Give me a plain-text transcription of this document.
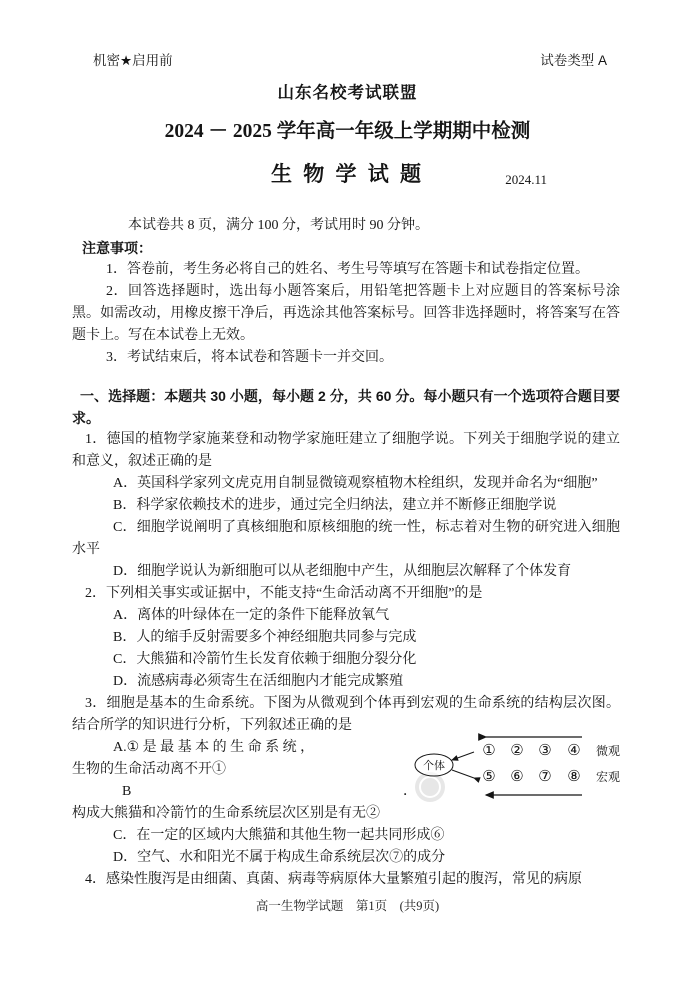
机密★启用前	试卷类型 A
山东名校考试联盟
2024 － 2025 学年高一年级上学期期中检测
生 物 学 试 题	2024.11

本试卷共 8 页，满分 100 分，考试用时 90 分钟。

注意事项：

1．答卷前，考生务必将自己的姓名、考生号等填写在答题卡和试卷指定位置。

2．回答选择题时，选出每小题答案后，用铅笔把答题卡上对应题目的答案标号涂黑。如需改动，用橡皮擦干净后，再选涂其他答案标号。回答非选择题时，将答案写在答题卡上。写在本试卷上无效。

3．考试结束后，将本试卷和答题卡一并交回。

一、选择题：本题共 30 小题，每小题 2 分，共 60 分。每小题只有一个选项符合题目要求。

1．德国的植物学家施莱登和动物学家施旺建立了细胞学说。下列关于细胞学说的建立和意义，叙述正确的是

A．英国科学家列文虎克用自制显微镜观察植物木栓组织，发现并命名为“细胞”

B．科学家依赖技术的进步，通过完全归纳法，建立并不断修正细胞学说

C．细胞学说阐明了真核细胞和原核细胞的统一性，标志着对生物的研究进入细胞水平

D．细胞学说认为新细胞可以从老细胞中产生，从细胞层次解释了个体发育

2．下列相关事实或证据中，不能支持“生命活动离不开细胞”的是

A．离体的叶绿体在一定的条件下能释放氧气

B．人的缩手反射需要多个神经细胞共同参与完成

C．大熊猫和冷箭竹生长发育依赖于细胞分裂分化

D．流感病毒必须寄生在活细胞内才能完成繁殖

3．细胞是基本的生命系统。下图为从微观到个体再到宏观的生命系统的结构层次图。结合所学的知识进行分析，下列叙述正确的是

个体
① ② ③ ④ 微观
⑤ ⑥ ⑦ ⑧ 宏观

A.① 是 最 基 本 的 生 命 系 统 ，

生物的生命活动离不开①

B	．

构成大熊猫和冷箭竹的生命系统层次区别是有无②

C．在一定的区域内大熊猫和其他生物一起共同形成⑥

D．空气、水和阳光不属于构成生命系统层次⑦的成分

4．感染性腹泻是由细菌、真菌、病毒等病原体大量繁殖引起的腹泻，常见的病原

高一生物学试题　第1页　(共9页)
